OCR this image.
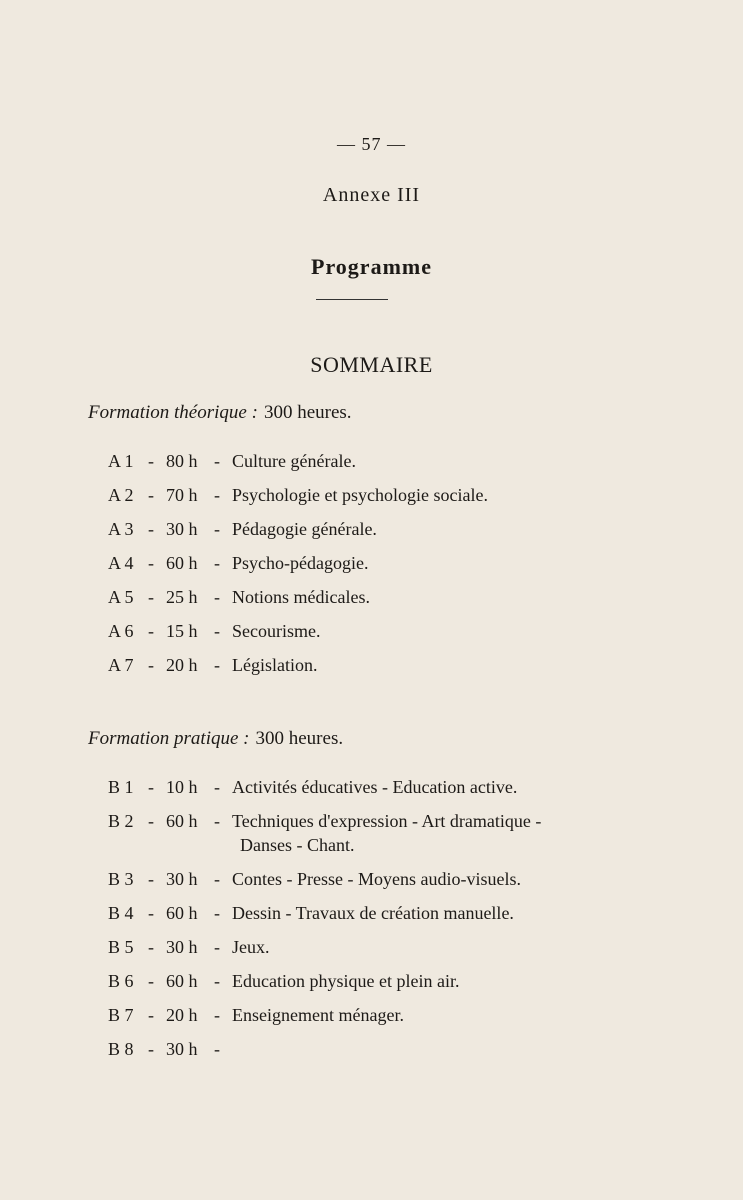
— 57 —
Annexe III
Programme
SOMMAIRE
Formation théorique : 300 heures.
A 1 - 80 h - Culture générale.
A 2 - 70 h - Psychologie et psychologie sociale.
A 3 - 30 h - Pédagogie générale.
A 4 - 60 h - Psycho-pédagogie.
A 5 - 25 h - Notions médicales.
A 6 - 15 h - Secourisme.
A 7 - 20 h - Législation.
Formation pratique : 300 heures.
B 1 - 10 h - Activités éducatives - Education active.
B 2 - 60 h - Techniques d'expression - Art dramatique -
Danses - Chant.
B 3 - 30 h - Contes - Presse - Moyens audio-visuels.
B 4 - 60 h - Dessin - Travaux de création manuelle.
B 5 - 30 h - Jeux.
B 6 - 60 h - Education physique et plein air.
B 7 - 20 h - Enseignement ménager.
B 8 - 30 h -
